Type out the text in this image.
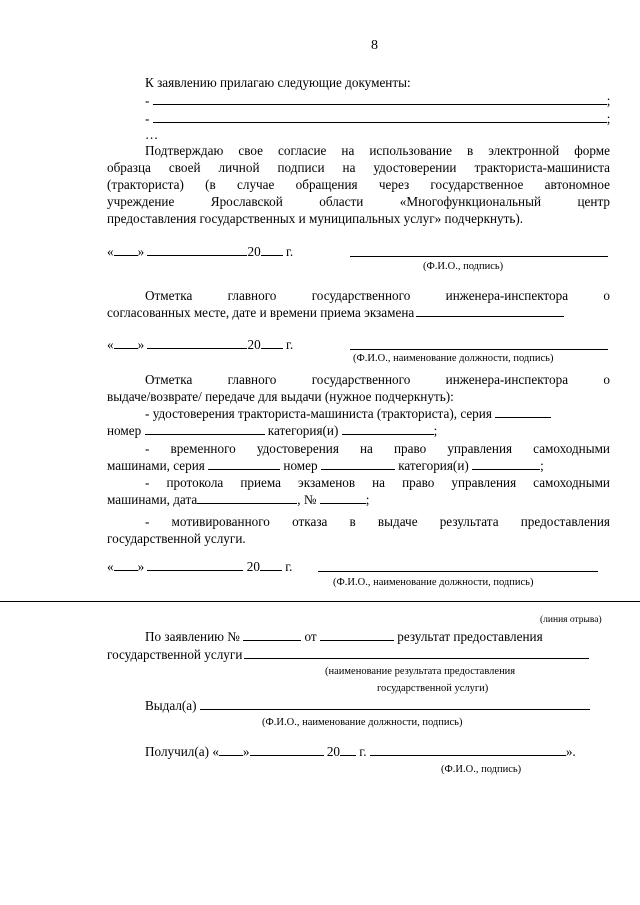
8
К заявлению прилагаю следующие документы:
-	;
-	;
…
Подтверждаю свое согласие на использование в электронной форме
образца своей личной подписи на удостоверении тракториста-машиниста
(тракториста) (в случае обращения через государственное автономное
учреждение Ярославской области «Многофункциональный центр
предоставления государственных и муниципальных услуг» подчеркнуть).
« »	20 г.
(Ф.И.О., подпись)
Отметка главного государственного инженера-инспектора о
согласованных месте, дате и времени приема экзамена
« »	20 г.
(Ф.И.О., наименование должности, подпись)
Отметка главного государственного инженера-инспектора о
выдаче/возврате/ передаче для выдачи (нужное подчеркнуть):
- удостоверения тракториста-машиниста (тракториста), серия
номер	категория(и)	;
- временного удостоверения на право управления самоходными
машинами, серия	номер	категория(и)	;
- протокола приема экзаменов на право управления самоходными
машинами, дата	, №	;
- мотивированного отказа в выдаче результата предоставления
государственной услуги.
« »	20 г.
(Ф.И.О., наименование должности, подпись)
(линия отрыва)
По заявлению №	от	результат предоставления
государственной услуги
(наименование результата предоставления
государственной услуги)
Выдал(а)
(Ф.И.О., наименование должности, подпись)
Получил(а) « »	20 г.	».
(Ф.И.О., подпись)
